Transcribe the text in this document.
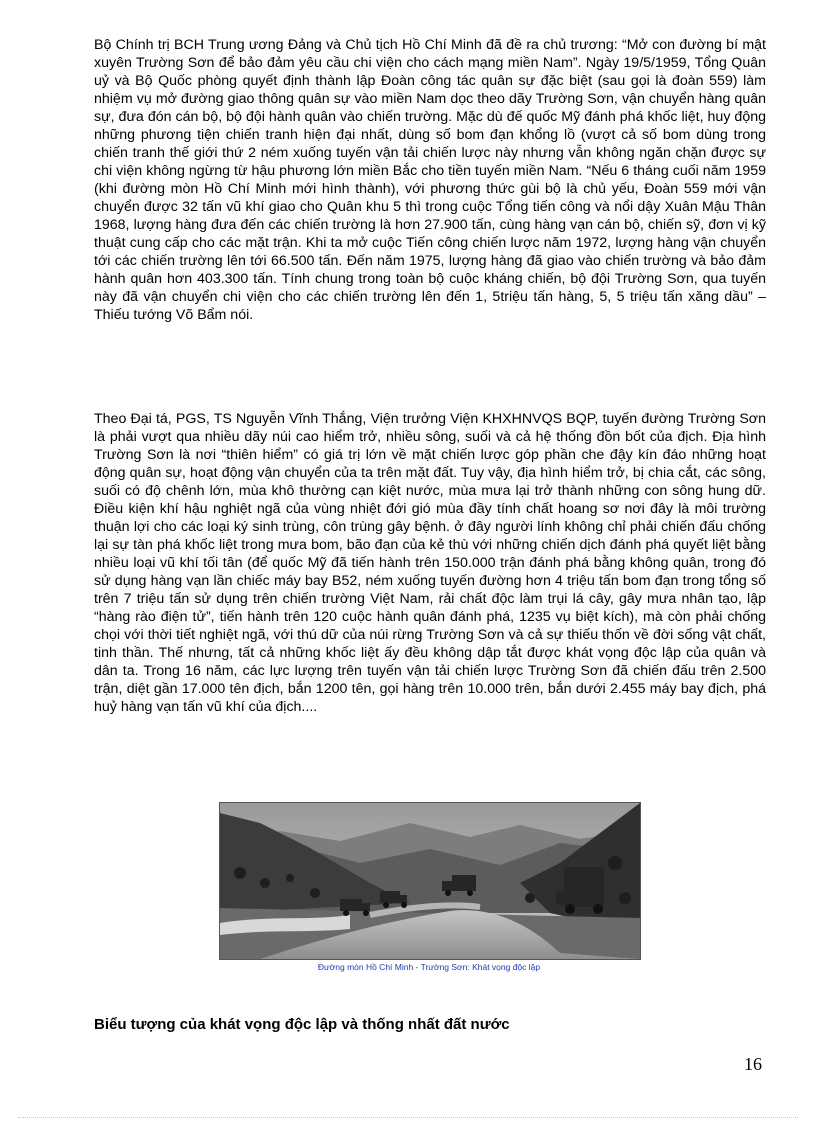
Bộ Chính trị BCH Trung ương Đảng và Chủ tịch Hồ Chí Minh đã đề ra chủ trương: “Mở con đường bí mật xuyên Trường Sơn để bảo đảm yêu cầu chi viện cho cách mạng miền Nam”. Ngày 19/5/1959, Tổng Quân uỷ và Bộ Quốc phòng quyết định thành lập Đoàn công tác quân sự đặc biệt (sau gọi là đoàn 559) làm nhiệm vụ mở đường giao thông quân sự vào miền Nam dọc theo dãy Trường Sơn, vận chuyển hàng quân sự, đưa đón cán bộ, bộ đội hành quân vào chiến trường. Mặc dù đế quốc Mỹ đánh phá khốc liệt, huy động những phương tiện chiến tranh hiện đại nhất, dùng số bom đạn khổng lồ (vượt cả số bom dùng trong chiến tranh thế giới thứ 2 ném xuống tuyến vận tải chiến lược này nhưng vẫn không ngăn chặn được sự chi viện không ngừng từ hậu phương lớn miền Bắc cho tiền tuyến miền Nam. “Nếu 6 tháng cuối năm 1959 (khi đường mòn Hồ Chí Minh mới hình thành), với phương thức gùi bộ là chủ yếu, Đoàn 559 mới vận chuyển được 32 tấn vũ khí giao cho Quân khu 5 thì trong cuộc Tổng tiến công và nổi dậy Xuân Mậu Thân 1968, lượng hàng đưa đến các chiến trường là hơn 27.900 tấn, cùng hàng vạn cán bộ, chiến sỹ, đơn vị kỹ thuật cung cấp cho các mặt trận. Khi ta mở cuộc Tiến công chiến lược năm 1972, lượng hàng vận chuyển tới các chiến trường lên tới 66.500 tấn. Đến năm 1975, lượng hàng đã giao vào chiến trường và bảo đảm hành quân hơn 403.300 tấn. Tính chung trong toàn bộ cuộc kháng chiến, bộ đội Trường Sơn, qua tuyến này đã vận chuyển chi viện cho các chiến trường lên đến 1, 5triệu tấn hàng, 5, 5 triệu tấn xăng dầu” – Thiếu tướng Võ Bẩm nói.

Theo Đại tá, PGS, TS Nguyễn Vĩnh Thắng, Viện trưởng Viện KHXHNVQS BQP, tuyến đường Trường Sơn là phải vượt qua nhiều dãy núi cao hiểm trở, nhiều sông, suối và cả hệ thống đồn bốt của địch. Địa hình Trường Sơn là nơi “thiên hiểm” có giá trị lớn về mặt chiến lược góp phần che đậy kín đáo những hoạt động quân sự, hoạt động vận chuyển của ta trên mặt đất. Tuy vậy, địa hình hiểm trở, bị chia cắt, các sông, suối có độ chênh lớn, mùa khô thường cạn kiệt nước, mùa mưa lại trở thành những con sông hung dữ. Điều kiện khí hậu nghiệt ngã của vùng nhiệt đới gió mùa đầy tính chất hoang sơ nơi đây là môi trường thuận lợi cho các loại ký sinh trùng, côn trùng gây bệnh. ở đây người lính không chỉ phải chiến đấu chống lại sự tàn phá khốc liệt trong mưa bom, bão đạn của kẻ thù với những chiến dịch đánh phá quyết liệt bằng nhiều loại vũ khí tối tân (để quốc Mỹ đã tiến hành trên 150.000 trận đánh phá bằng không quân, trong đó sử dụng hàng vạn lần chiếc máy bay B52, ném xuống tuyến đường hơn 4 triệu tấn bom đạn trong tổng số trên 7 triệu tấn sử dụng trên chiến trường Việt Nam, rải chất độc làm trụi lá cây, gây mưa nhân tạo, lập “hàng rào điện tử”, tiến hành trên 120 cuộc hành quân đánh phá, 1235 vụ biệt kích), mà còn phải chống chọi với thời tiết nghiệt ngã, với thú dữ của núi rừng Trường Sơn và cả sự thiếu thốn về đời sống vật chất, tinh thần. Thế nhưng, tất cả những khốc liệt ấy đều không dập tắt được khát vọng độc lập của quân và dân ta. Trong 16 năm, các lực lượng trên tuyến vận tải chiến lược Trường Sơn đã chiến đấu trên 2.500 trận, diệt gần 17.000 tên địch, bắn 1200 tên, gọi hàng trên 10.000 trên, bắn dưới 2.455 máy bay địch, phá huỷ hàng vạn tấn vũ khí của địch....

Đường mòn Hồ Chí Minh - Trường Sơn: Khát vọng độc lập
Biểu tượng của khát vọng độc lập và thống nhất đất nước
16
